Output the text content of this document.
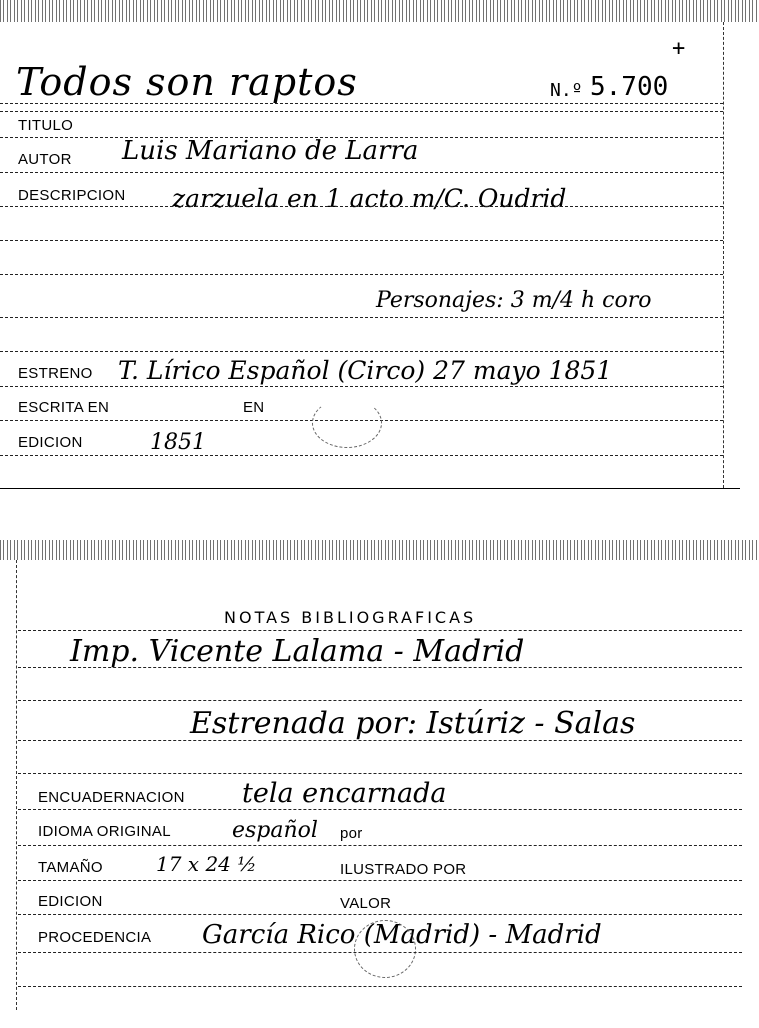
Todos son raptos	N.º 5.700
+
TITULO
AUTOR Luis Mariano de Larra
DESCRIPCION zarzuela en 1 acto m/C. Oudrid
Personajes: 3 m/4 h coro
ESTRENO T. Lírico Español (Circo) 27 mayo 1851
ESCRITA EN	EN
EDICION	1851
NOTAS BIBLIOGRAFICAS
Imp. Vicente Lalama - Madrid
Estrenada por: Istúriz - Salas
ENCUADERNACION tela encarnada
IDIOMA ORIGINAL	español por
TAMAÑO	17 x 24 ½	ILUSTRADO POR
EDICION	VALOR
PROCEDENCIA García Rico (Madrid) - Madrid
